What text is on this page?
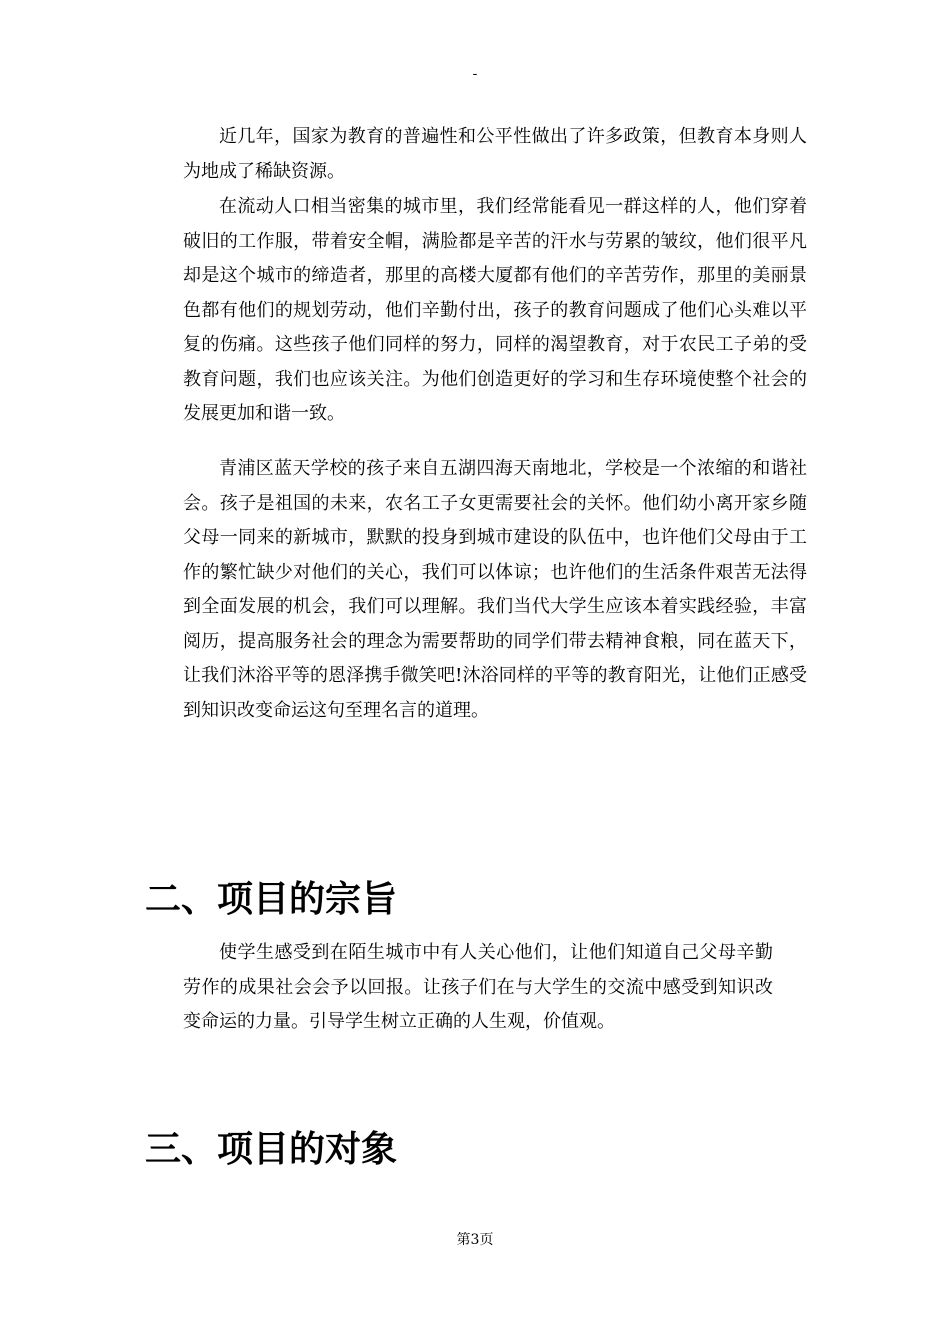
-

近几年，国家为教育的普遍性和公平性做出了许多政策，但教育本身则人为地成了稀缺资源。

在流动人口相当密集的城市里，我们经常能看见一群这样的人，他们穿着破旧的工作服，带着安全帽，满脸都是辛苦的汗水与劳累的皱纹，他们很平凡却是这个城市的缔造者，那里的高楼大厦都有他们的辛苦劳作，那里的美丽景色都有他们的规划劳动，他们辛勤付出，孩子的教育问题成了他们心头难以平复的伤痛。这些孩子他们同样的努力，同样的渴望教育，对于农民工子弟的受教育问题，我们也应该关注。为他们创造更好的学习和生存环境使整个社会的发展更加和谐一致。

青浦区蓝天学校的孩子来自五湖四海天南地北，学校是一个浓缩的和谐社会。孩子是祖国的未来，农名工子女更需要社会的关怀。他们幼小离开家乡随父母一同来的新城市，默默的投身到城市建设的队伍中，也许他们父母由于工作的繁忙缺少对他们的关心，我们可以体谅；也许他们的生活条件艰苦无法得到全面发展的机会，我们可以理解。我们当代大学生应该本着实践经验，丰富阅历，提高服务社会的理念为需要帮助的同学们带去精神食粮，同在蓝天下，让我们沐浴平等的恩泽携手微笑吧!沐浴同样的平等的教育阳光，让他们正感受到知识改变命运这句至理名言的道理。

二、项目的宗旨

使学生感受到在陌生城市中有人关心他们，让他们知道自己父母辛勤劳作的成果社会会予以回报。让孩子们在与大学生的交流中感受到知识改变命运的力量。引导学生树立正确的人生观，价值观。

三、项目的对象
第3页
